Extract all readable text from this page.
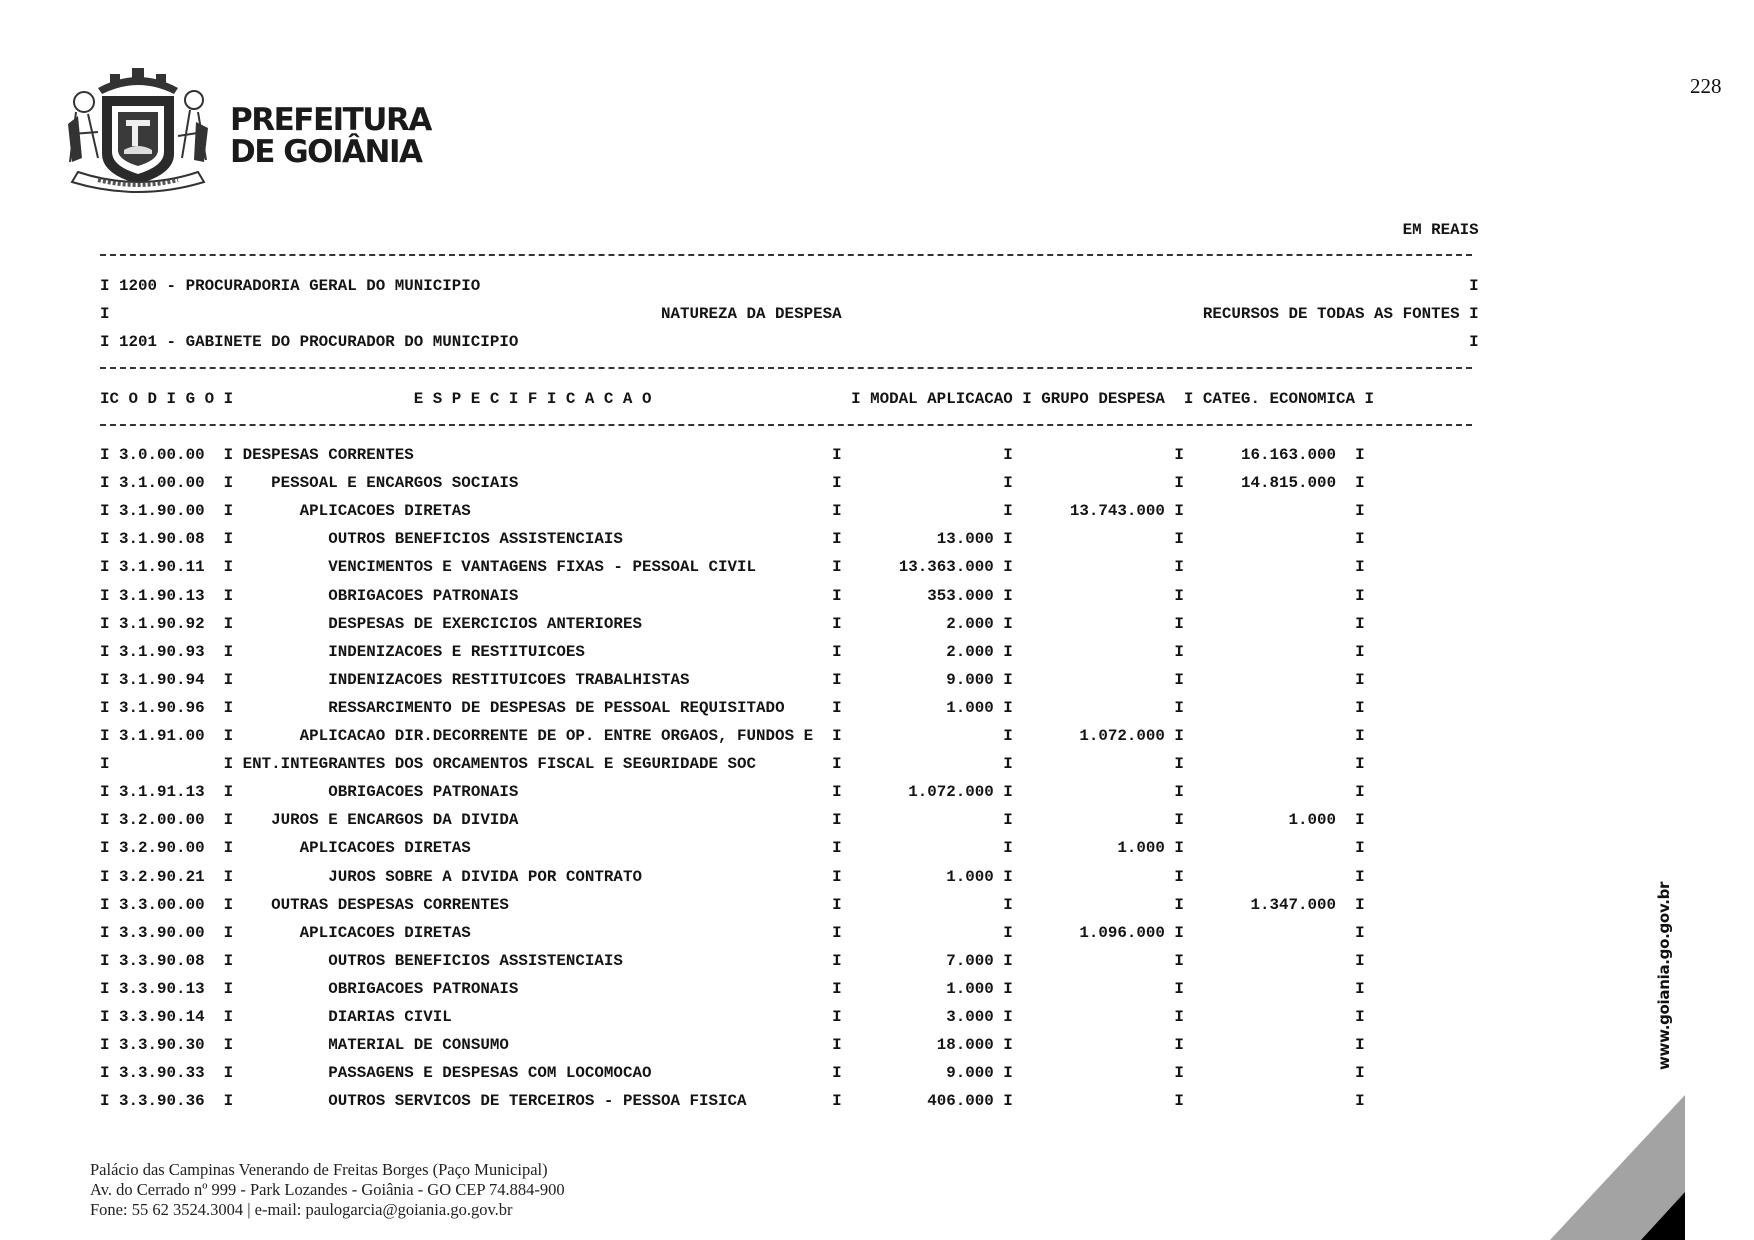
PREFEITURA
DE GOIÂNIA
228
EM REAIS
I 1200 - PROCURADORIA GERAL DO MUNICIPIO                                                                                                        I
I                                                          NATUREZA DA DESPESA                                      RECURSOS DE TODAS AS FONTES I
I 1201 - GABINETE DO PROCURADOR DO MUNICIPIO                                                                                                    I
IC O D I G O I                   E S P E C I F I C A C A O                     I MODAL APLICACAO I GRUPO DESPESA  I CATEG. ECONOMICA I
I 3.0.00.00  I DESPESAS CORRENTES                                            I	I	I	16.163.000  I
I 3.1.00.00  I    PESSOAL E ENCARGOS SOCIAIS                                 I	I	I	14.815.000  I
I 3.1.90.00  I	APLICACOES DIRETAS                                      I	I	13.743.000 I	I
I 3.1.90.08  I	OUTROS BENEFICIOS ASSISTENCIAIS                      I	13.000 I	I	I
I 3.1.90.11  I	VENCIMENTOS E VANTAGENS FIXAS - PESSOAL CIVIL        I	13.363.000 I	I	I
I 3.1.90.13  I	OBRIGACOES PATRONAIS                                 I	353.000 I	I	I
I 3.1.90.92  I	DESPESAS DE EXERCICIOS ANTERIORES                    I	2.000 I	I	I
I 3.1.90.93  I	INDENIZACOES E RESTITUICOES                          I	2.000 I	I	I
I 3.1.90.94  I	INDENIZACOES RESTITUICOES TRABALHISTAS               I	9.000 I	I	I
I 3.1.90.96  I	RESSARCIMENTO DE DESPESAS DE PESSOAL REQUISITADO     I	1.000 I	I	I
I 3.1.91.00  I	APLICACAO DIR.DECORRENTE DE OP. ENTRE ORGAOS, FUNDOS E  I	I	1.072.000 I	I
I            I ENT.INTEGRANTES DOS ORCAMENTOS FISCAL E SEGURIDADE SOC        I	I	I	I
I 3.1.91.13  I	OBRIGACOES PATRONAIS                                 I	1.072.000 I	I	I
I 3.2.00.00  I    JUROS E ENCARGOS DA DIVIDA                                 I	I	I	1.000  I
I 3.2.90.00  I	APLICACOES DIRETAS                                      I	I	1.000 I	I
I 3.2.90.21  I	JUROS SOBRE A DIVIDA POR CONTRATO                    I	1.000 I	I	I
I 3.3.00.00  I    OUTRAS DESPESAS CORRENTES                                  I	I	I	1.347.000  I
I 3.3.90.00  I	APLICACOES DIRETAS                                      I	I	1.096.000 I	I
I 3.3.90.08  I	OUTROS BENEFICIOS ASSISTENCIAIS                      I	7.000 I	I	I
I 3.3.90.13  I	OBRIGACOES PATRONAIS                                 I	1.000 I	I	I
I 3.3.90.14  I	DIARIAS CIVIL                                        I	3.000 I	I	I
I 3.3.90.30  I	MATERIAL DE CONSUMO                                  I	18.000 I	I	I
I 3.3.90.33  I	PASSAGENS E DESPESAS COM LOCOMOCAO                   I	9.000 I	I	I
I 3.3.90.36  I	OUTROS SERVICOS DE TERCEIROS - PESSOA FISICA         I	406.000 I	I	I
Palácio das Campinas Venerando de Freitas Borges (Paço Municipal)
Av. do Cerrado nº 999 - Park Lozandes - Goiânia - GO CEP 74.884-900
Fone: 55 62 3524.3004 | e-mail: paulogarcia@goiania.go.gov.br
www.goiania.go.gov.br
